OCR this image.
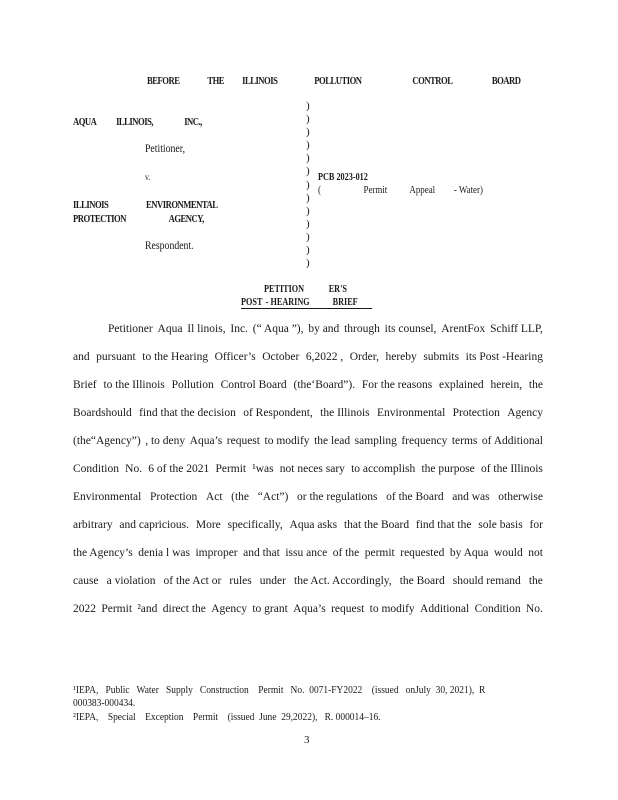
BEFORE	THE ILLINOIS	POLLUTION	CONTROL	BOARD
AQUA ILLINOIS,	INC.,
Petitioner,
v.
ILLINOIS	ENVIRONMENTAL
PROTECTION	AGENCY,
Respondent.
)
)
)
)
)
)
)
)
)
)
)
)
)
PCB 2023-012
(	Permit Appeal - Water)
PETITION ER'S
POST - HEARING BRIEF
Petitioner Aqua Il linois, Inc. (“ Aqua ”), by and through its counsel, ArentFox Schiff LLP,
and pursuant to the Hearing Officer’s October 6,2022 , Order, hereby submits its Post -Hearing
Brief to the Illinois Pollution Control Board (the‘Board”). For the reasons explained herein, the
Boardshould find that the decision of Respondent, the Illinois Environmental Protection Agency
(the“Agency”) , to deny Aqua’s request to modify the lead sampling frequency terms of Additional
Condition No. 6 of the 2021 Permit ¹was not neces sary to accomplish the purpose of the Illinois
Environmental Protection Act (the “Act”) or the regulations of the Board and was otherwise
arbitrary and capricious. More specifically, Aqua asks that the Board find that the sole basis for
the Agency’s denia l was improper and that issu ance of the permit requested by Aqua would not
cause a violation of the Act or rules under the Act. Accordingly, the Board should remand the
2022 Permit ²and direct the Agency to grant Aqua’s request to modify Additional Condition No.
¹IEPA,   Public   Water   Supply   Construction    Permit   No.  0071-FY2022    (issued   onJuly  30, 2021),  R
000383-000434.
²IEPA,    Special    Exception    Permit    (issued  June  29,2022),   R. 000014–16.
3
